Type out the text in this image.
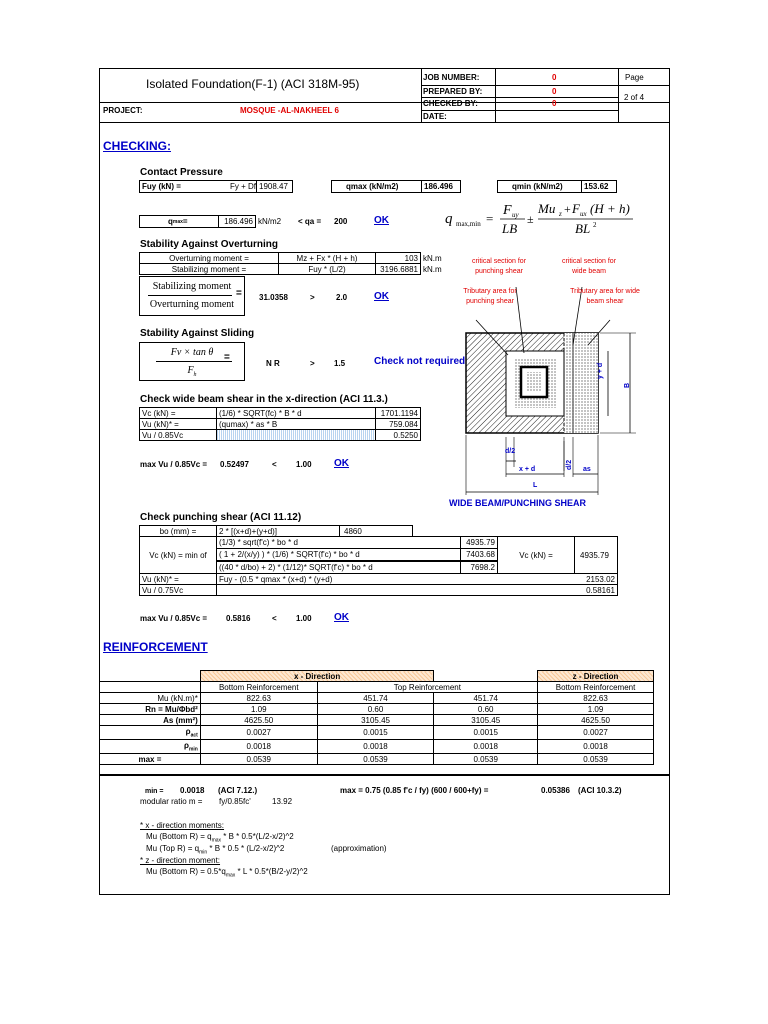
Isolated Foundation(F-1) (ACI 318M-95)
PROJECT:	MOSQUE -AL-NAKHEEL 6
JOB NUMBER:	0
PREPARED BY:	0
CHECKED BY:	0
DATE:
Page
2 of 4
CHECKING:
Contact Pressure
Fuy (kN) =	Fy + Df 1908.47	qmax (kN/m2)	186.496	qmin (kN/m2)	153.62
q max =	186.496 kN/m2 < qa = 200	OK	q max,min =
F uy
LB
±
Mu z + F ux (H + h)
BL 2
Stability Against Overturning
Overturning moment =	Mz + Fx * (H + h)	103 kN.m
Stabilizing moment =	Fuy * (L/2)	3196.6881 kN.m
Stabilizing moment
Overturning moment
= 31.0358	>	2.0	OK
Stability Against Sliding
Fv × tan θ
$F_h$
=
N R	> 1.5	Check not required
Check wide beam shear in the x-direction (ACI 11.3.)
Vc (kN) =	(1/6) * SQRT(fc) * B * d	1701.1194
Vu (kN)* =	(qumax) * as * B	759.084
Vu / 0.85Vc	0.5250
max Vu / 0.85Vc = 0.52497	< 1.00 OK
critical section for punching shear
critical section for wide beam
Tributary area for punching shear
Tributary area for wide beam shear
y + d
B
d/2
d/2
x + d	as
L
WIDE BEAM/PUNCHING SHEAR
Check punching shear (ACI 11.12)
bo (mm) =	2 * [(x+d)+(y+d)]	4860
Vc (kN) = min of
(1/3) * sqrt(f'c) * bo * d	4935.79
( 1 + 2/(x/y) ) * (1/6) * SQRT(f'c) * bo * d	7403.68
((40 * d/bo) + 2) * (1/12)* SQRT(f'c) * bo * d	7698.2
Vc (kN) =	4935.79
Vu (kN)* =	Fuy - (0.5 * qmax * (x+d) * (y+d)	2153.02
Vu / 0.75Vc	0.58161
max Vu / 0.85Vc = 0.5816	< 1.00 OK
REINFORCEMENT
	x - Direction			z - Direction
	Bottom Reinforcement	Top Reinforcement		Bottom Reinforcement
Mu (kN.m)*	822.63	451.74	451.74	822.63
Rn = Mu/Φbd²	1.09	0.60	0.60	1.09
As (mm²)	4625.50	3105.45	3105.45	4625.50
$\rho_{act}$	0.0027	0.0015	0.0015	0.0027
$\rho_{min}$	0.0018	0.0018	0.0018	0.0018
max =	0.0539	0.0539	0.0539	0.0539
min = 0.0018 (ACI 7.12.)	max = 0.75 (0.85 f'c / fy) (600 / 600+fy) =	0.05386 (ACI 10.3.2)
modular ratio m = fy/0.85fc'	13.92
* x - direction moments:
Mu (Bottom $R) = q_{max} * B$ * 0.5*(L/2-x/2)^2
Mu (Top $R) = q_{min} * B * 0.5$ * (L/2-x/2)^2	(approximation)
* z - direction moment:
Mu (Bottom $R) = 0.5*q_{max} * L$ * 0.5*(B/2-y/2)^2
